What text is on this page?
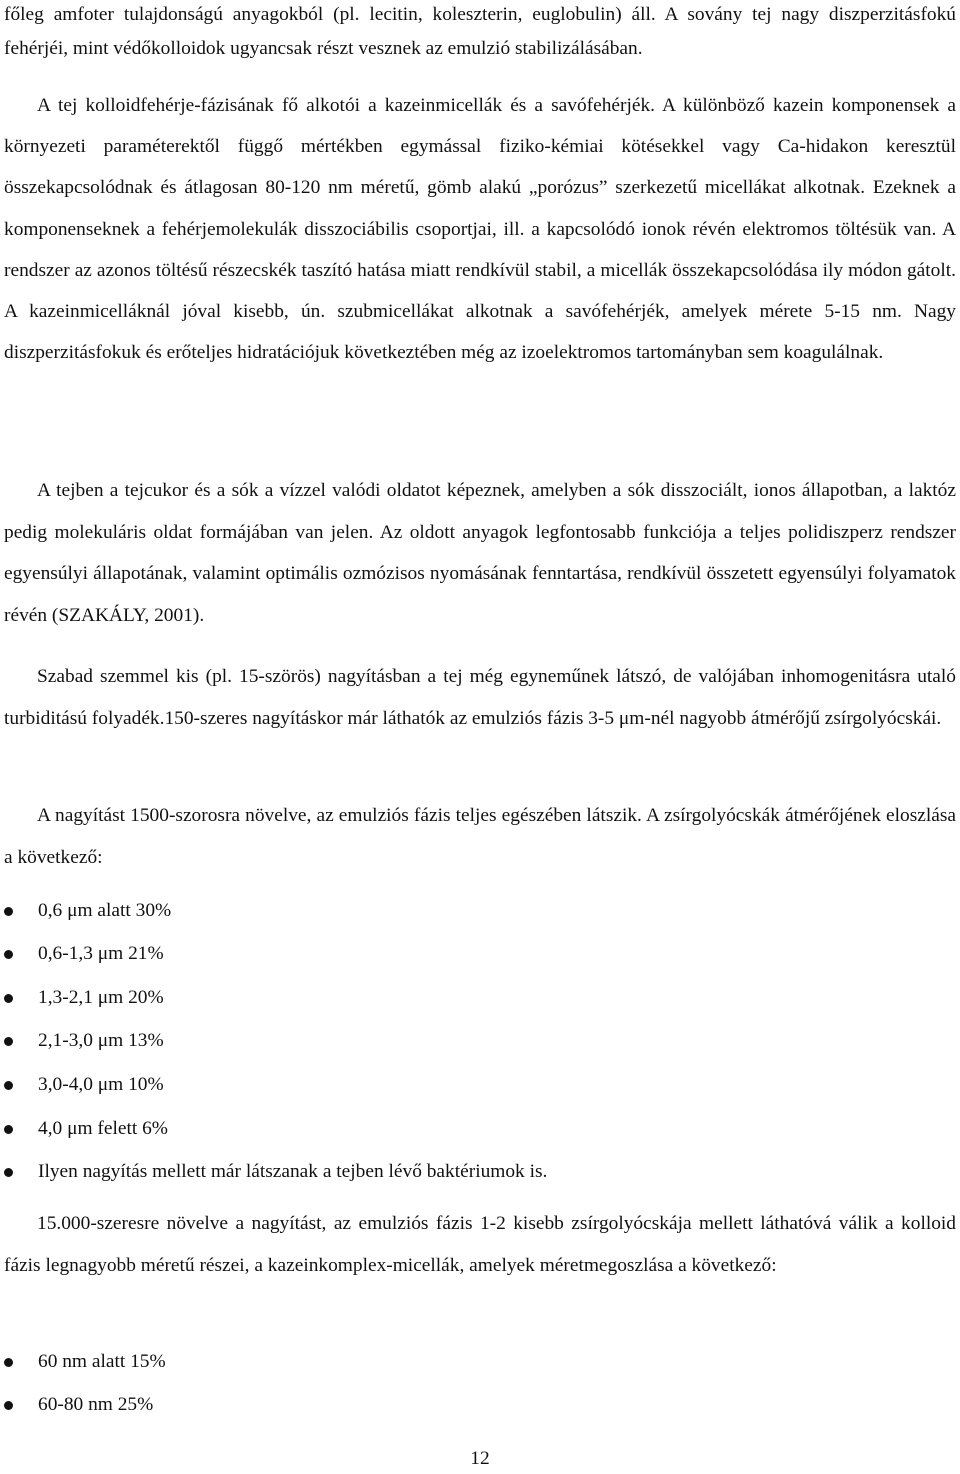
főleg amfoter tulajdonságú anyagokból (pl. lecitin, koleszterin, euglobulin) áll. A sovány tej nagy diszperzitásfokú fehérjéi, mint védőkolloidok ugyancsak részt vesznek az emulzió stabilizálásában.

A tej kolloidfehérje-fázisának fő alkotói a kazeinmicellák és a savófehérjék. A különböző kazein komponensek a környezeti paraméterektől függő mértékben egymással fiziko-kémiai kötésekkel vagy Ca-hidakon keresztül összekapcsolódnak és átlagosan 80-120 nm méretű, gömb alakú „porózus” szerkezetű micellákat alkotnak. Ezeknek a komponenseknek a fehérjemolekulák disszociábilis csoportjai, ill. a kapcsolódó ionok révén elektromos töltésük van. A rendszer az azonos töltésű részecskék taszító hatása miatt rendkívül stabil, a micellák összekapcsolódása ily módon gátolt. A kazeinmicelláknál jóval kisebb, ún. szubmicellákat alkotnak a savófehérjék, amelyek mérete 5-15 nm. Nagy diszperzitásfokuk és erőteljes hidratációjuk következtében még az izoelektromos tartományban sem koagulálnak.

A tejben a tejcukor és a sók a vízzel valódi oldatot képeznek, amelyben a sók disszociált, ionos állapotban, a laktóz pedig molekuláris oldat formájában van jelen. Az oldott anyagok legfontosabb funkciója a teljes polidiszperz rendszer egyensúlyi állapotának, valamint optimális ozmózisos nyomásának fenntartása, rendkívül összetett egyensúlyi folyamatok révén (SZAKÁLY, 2001).

Szabad szemmel kis (pl. 15-szörös) nagyításban a tej még egyneműnek látszó, de valójában inhomogenitásra utaló turbiditású folyadék.150-szeres nagyításkor már láthatók az emulziós fázis 3-5 μm-nél nagyobb átmérőjű zsírgolyócskái.

A nagyítást 1500-szorosra növelve, az emulziós fázis teljes egészében látszik. A zsírgolyócskák átmérőjének eloszlása a következő:

0,6 μm alatt 30%
0,6-1,3 μm 21%
1,3-2,1 μm 20%
2,1-3,0 μm 13%
3,0-4,0 μm 10%
4,0 μm felett 6%
Ilyen nagyítás mellett már látszanak a tejben lévő baktériumok is.

15.000-szeresre növelve a nagyítást, az emulziós fázis 1-2 kisebb zsírgolyócskája mellett láthatóvá válik a kolloid fázis legnagyobb méretű részei, a kazeinkomplex-micellák, amelyek méretmegoszlása a következő:

60 nm alatt 15%
60-80 nm 25%
12
